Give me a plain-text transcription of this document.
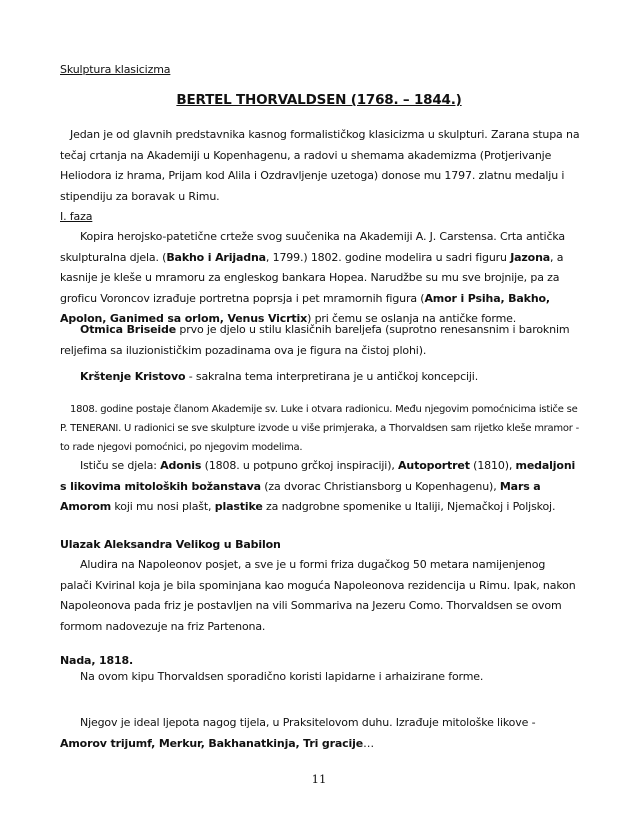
Skulptura klasicizma
BERTEL THORVALDSEN (1768. – 1844.)
Jedan je od glavnih predstavnika kasnog formalističkog klasicizma u skulpturi. Zarana stupa na tečaj crtanja na Akademiji u Kopenhagenu, a radovi u shemama akademizma (Protjerivanje Heliodora iz hrama, Prijam kod Alila i Ozdravljenje uzetoga) donose mu 1797. zlatnu medalju i stipendiju za boravak u Rimu.
I. faza
Kopira herojsko-patetične crteže svog suučenika na Akademiji A. J. Carstensa. Crta antička skulpturalna djela. (Bakho i Arijadna, 1799.) 1802. godine modelira u sadri figuru Jazona, a kasnije je kleše u mramoru za engleskog bankara Hopea. Narudžbe su mu sve brojnije, pa za groficu Voroncov izrađuje portretna poprsja i pet mramornih figura (Amor i Psiha, Bakho, Apolon, Ganimed sa orlom, Venus Vicrtix) pri čemu se oslanja na antičke forme.
Otmica Briseide prvo je djelo u stilu klasičnih bareljefa (suprotno renesansnim i baroknim reljefima sa iluzionističkim pozadinama ova je figura na čistoj plohi).
Krštenje Kristovo - sakralna tema interpretirana je u antičkoj koncepciji.
1808. godine postaje članom Akademije sv. Luke i otvara radionicu. Među njegovim pomoćnicima ističe se P. TENERANI. U radionici se sve skulpture izvode u više primjeraka, a Thorvaldsen sam rijetko kleše mramor - to rade njegovi pomoćnici, po njegovim modelima.
Ističu se djela: Adonis (1808. u potpuno grčkoj inspiraciji), Autoportret (1810), medaljoni s likovima mitoloških božanstava (za dvorac Christiansborg u Kopenhagenu), Mars a Amorom koji mu nosi plašt, plastike za nadgrobne spomenike u Italiji, Njemačkoj i Poljskoj.
Ulazak Aleksandra Velikog u Babilon
Aludira na Napoleonov posjet, a sve je u formi friza dugačkog 50 metara namijenjenog palači Kvirinal koja je bila spominjana kao moguća Napoleonova rezidencija u Rimu. Ipak, nakon Napoleonova pada friz je postavljen na vili Sommariva na Jezeru Como. Thorvaldsen se ovom formom nadovezuje na friz Partenona.
Nada, 1818.
Na ovom kipu Thorvaldsen sporadično koristi lapidarne i arhaizirane forme.
Njegov je ideal ljepota nagog tijela, u Praksitelovom duhu. Izrađuje mitološke likove - Amorov trijumf, Merkur, Bakhanatkinja, Tri gracije…
11
